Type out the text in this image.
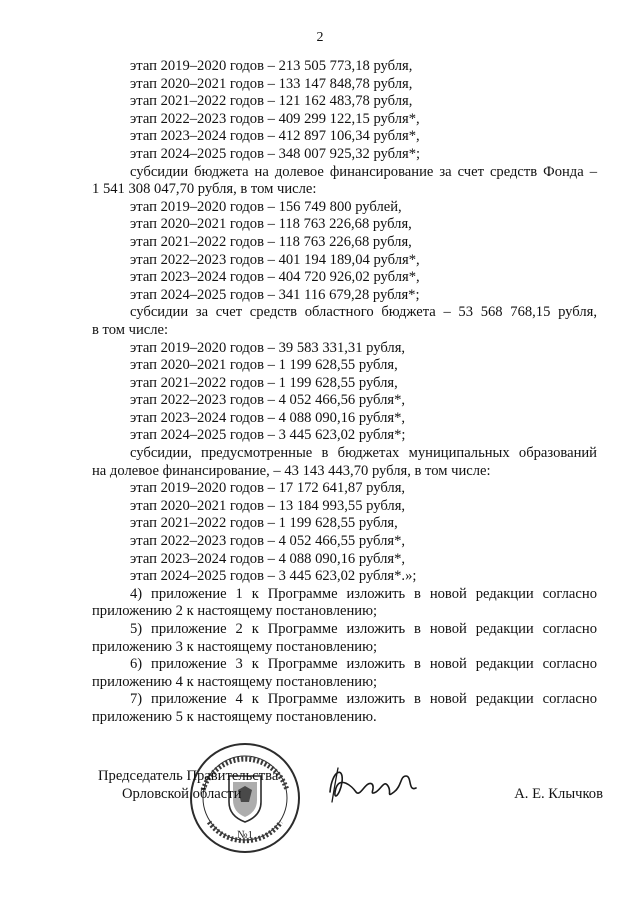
2
этап 2019–2020 годов – 213 505 773,18 рубля,
этап 2020–2021 годов – 133 147 848,78 рубля,
этап 2021–2022 годов – 121 162 483,78 рубля,
этап 2022–2023 годов – 409 299 122,15 рубля*,
этап 2023–2024 годов – 412 897 106,34 рубля*,
этап 2024–2025 годов – 348 007 925,32 рубля*;
субсидии бюджета на долевое финансирование за счет средств Фонда –
1 541 308 047,70 рубля, в том числе:
этап 2019–2020 годов – 156 749 800 рублей,
этап 2020–2021 годов – 118 763 226,68 рубля,
этап 2021–2022 годов – 118 763 226,68 рубля,
этап 2022–2023 годов – 401 194 189,04 рубля*,
этап 2023–2024 годов – 404 720 926,02 рубля*,
этап 2024–2025 годов – 341 116 679,28 рубля*;
субсидии за счет средств областного бюджета – 53 568 768,15 рубля,
в том числе:
этап 2019–2020 годов – 39 583 331,31 рубля,
этап 2020–2021 годов – 1 199 628,55 рубля,
этап 2021–2022 годов – 1 199 628,55 рубля,
этап 2022–2023 годов – 4 052 466,56 рубля*,
этап 2023–2024 годов – 4 088 090,16 рубля*,
этап 2024–2025 годов – 3 445 623,02 рубля*;
субсидии, предусмотренные в бюджетах муниципальных образований
на долевое финансирование, – 43 143 443,70 рубля, в том числе:
этап 2019–2020 годов – 17 172 641,87 рубля,
этап 2020–2021 годов – 13 184 993,55 рубля,
этап 2021–2022 годов – 1 199 628,55 рубля,
этап 2022–2023 годов – 4 052 466,55 рубля*,
этап 2023–2024 годов – 4 088 090,16 рубля*,
этап 2024–2025 годов – 3 445 623,02 рубля*.»;
4) приложение 1 к Программе изложить в новой редакции согласно
приложению 2 к настоящему постановлению;
5) приложение 2 к Программе изложить в новой редакции согласно
приложению 3 к настоящему постановлению;
6) приложение 3 к Программе изложить в новой редакции согласно
приложению 4 к настоящему постановлению;
7) приложение 4 к Программе изложить в новой редакции согласно
приложению 5 к настоящему постановлению.
№1
Председатель Правительства
Орловской области	А. Е. Клычков
